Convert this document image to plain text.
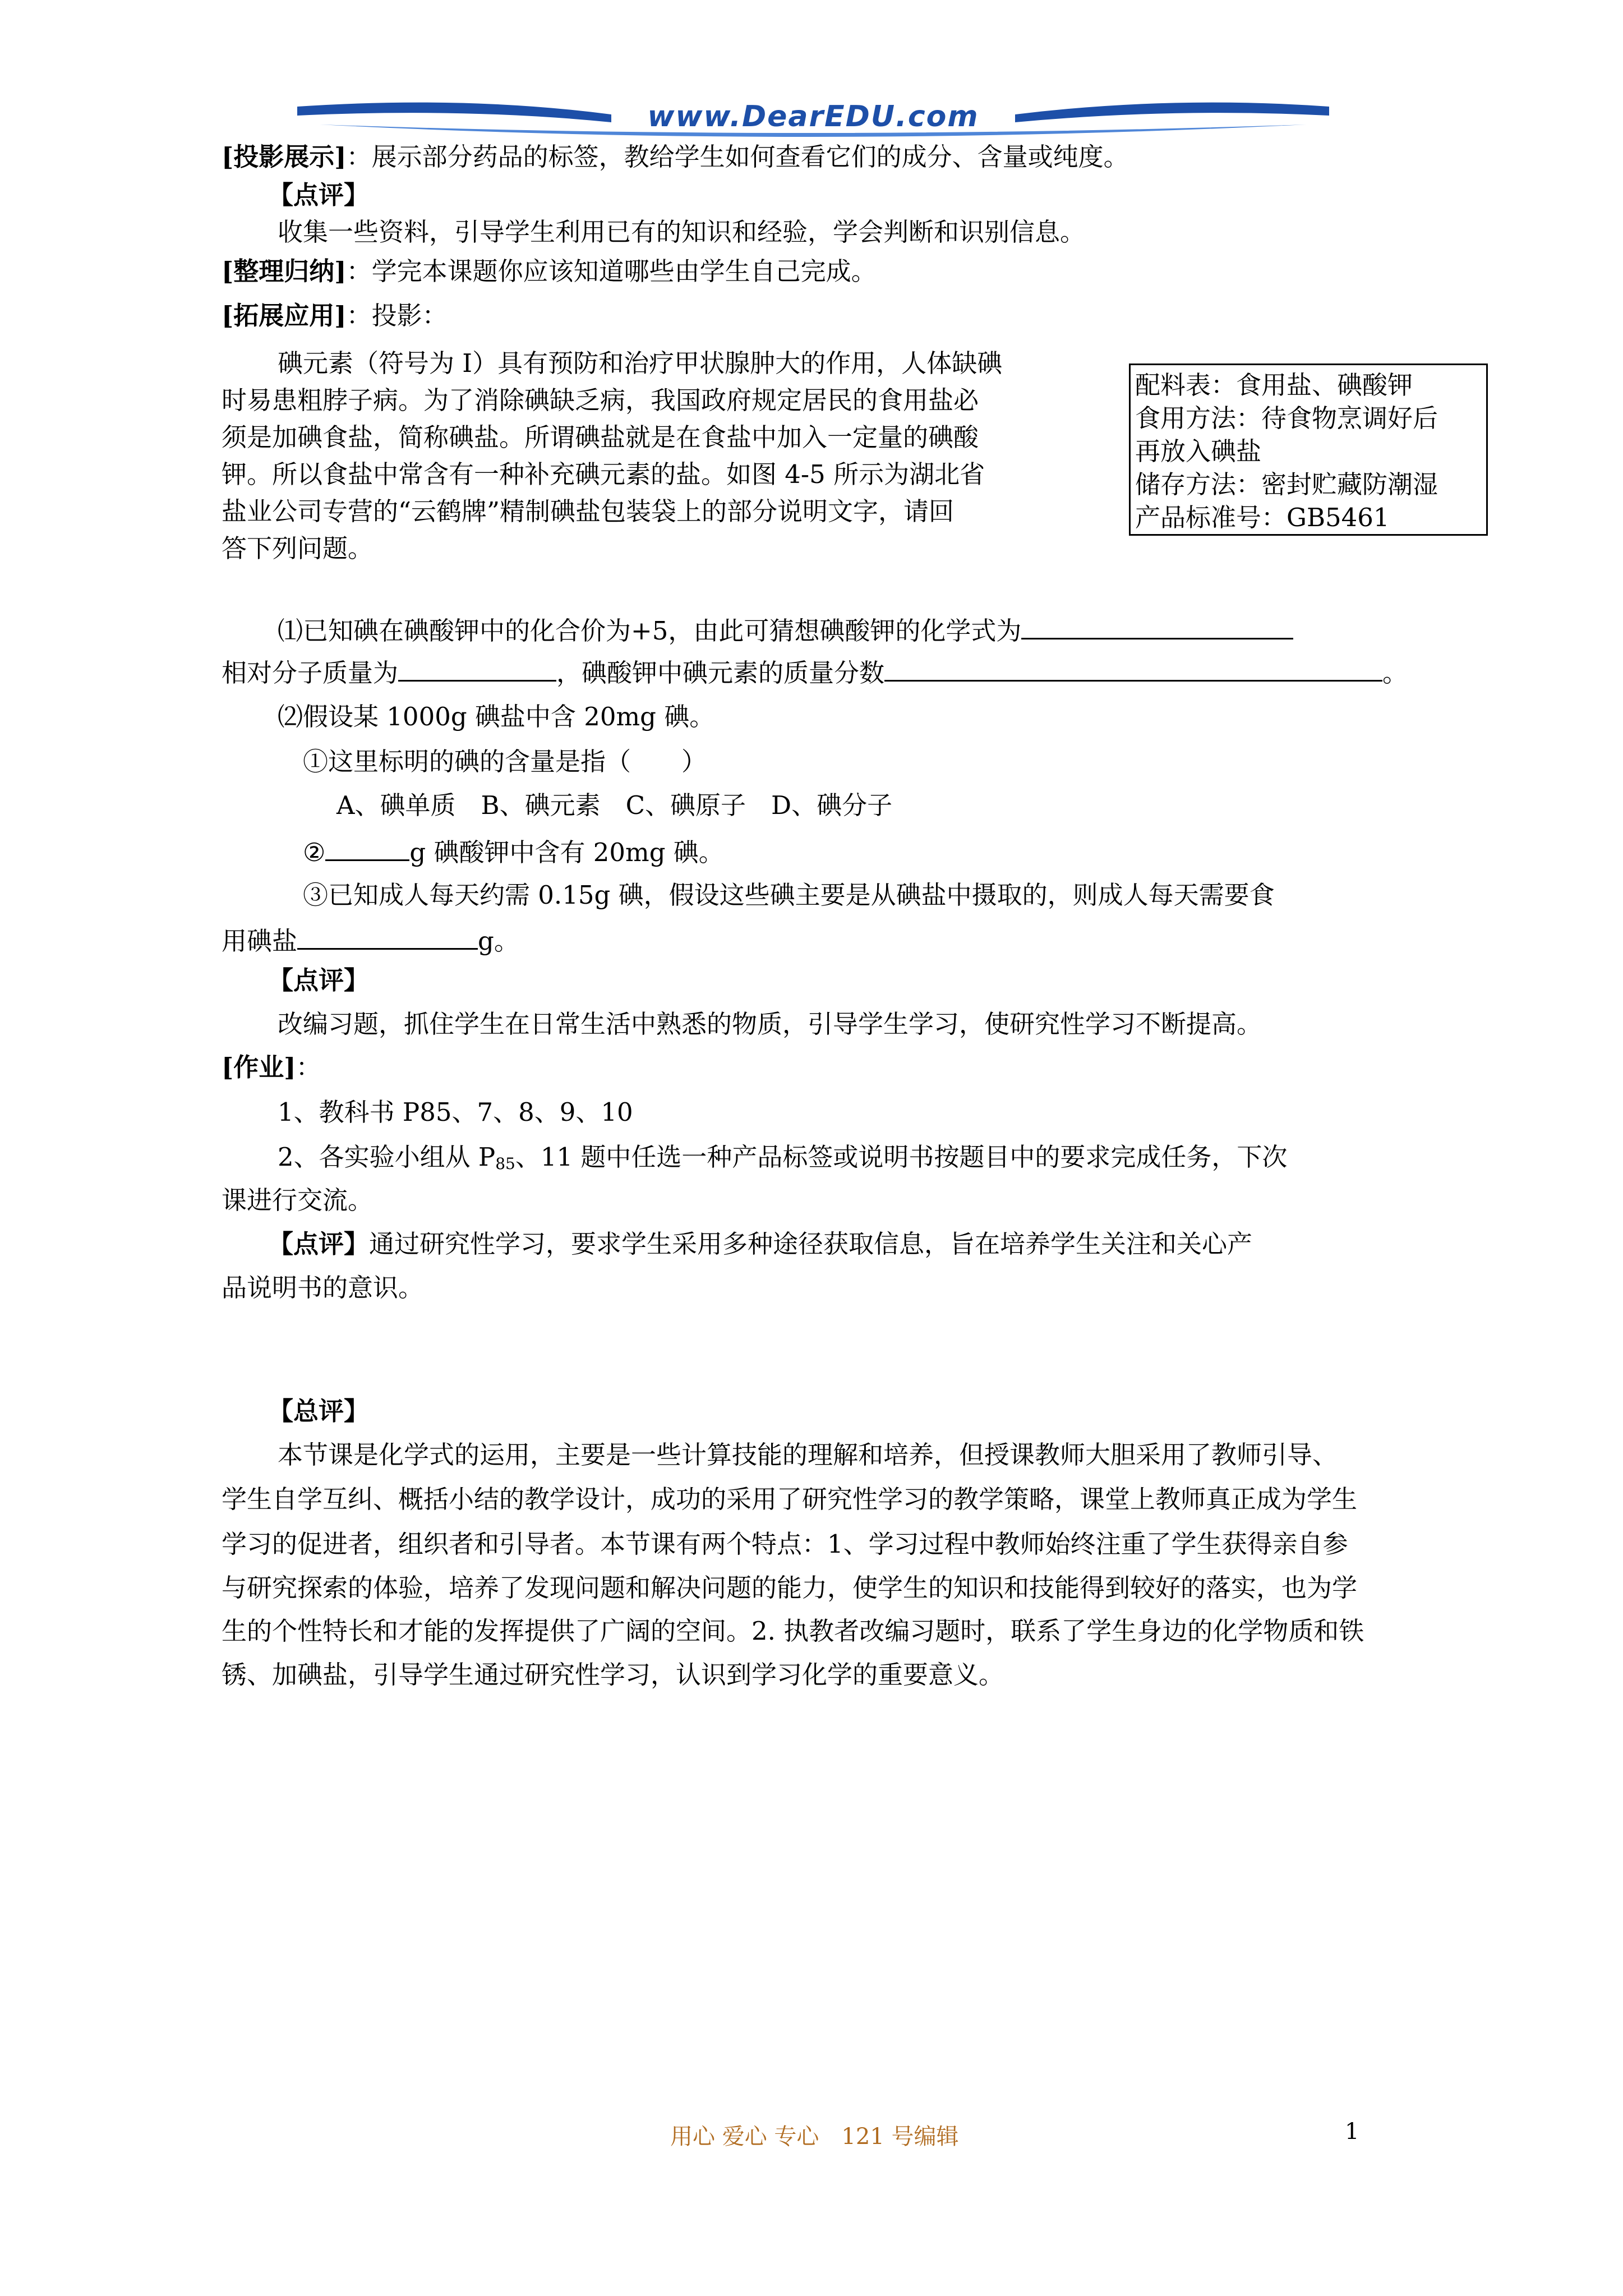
www.DearEDU.com
[投影展示]：展示部分药品的标签，教给学生如何查看它们的成分、含量或纯度。
【点评】
收集一些资料，引导学生利用已有的知识和经验，学会判断和识别信息。
[整理归纳]：学完本课题你应该知道哪些由学生自己完成。
[拓展应用]：投影：
碘元素（符号为 I）具有预防和治疗甲状腺肿大的作用，人体缺碘
时易患粗脖子病。为了消除碘缺乏病，我国政府规定居民的食用盐必
须是加碘食盐，简称碘盐。所谓碘盐就是在食盐中加入一定量的碘酸
钾。所以食盐中常含有一种补充碘元素的盐。如图 4-5 所示为湖北省
盐业公司专营的“云鹤牌”精制碘盐包装袋上的部分说明文字，请回
答下列问题。
配料表：食用盐、碘酸钾
食用方法：待食物烹调好后
再放入碘盐
储存方法：密封贮藏防潮湿
产品标准号：GB5461
⑴已知碘在碘酸钾中的化合价为+5，由此可猜想碘酸钾的化学式为
相对分子质量为	，碘酸钾中碘元素的质量分数	。
⑵假设某 1000g 碘盐中含 20mg 碘。
①这里标明的碘的含量是指（　　）
A、碘单质　B、碘元素　C、碘原子　D、碘分子
②	g 碘酸钾中含有 20mg 碘。
③已知成人每天约需 0.15g 碘，假设这些碘主要是从碘盐中摄取的，则成人每天需要食
用碘盐	g。
【点评】
改编习题，抓住学生在日常生活中熟悉的物质，引导学生学习，使研究性学习不断提高。
[作业]：
1、教科书 P85、7、8、9、10
2、各实验小组从 $P_{85}$、11 题中任选一种产品标签或说明书按题目中的要求完成任务，下次
课进行交流。
【点评】通过研究性学习，要求学生采用多种途径获取信息，旨在培养学生关注和关心产
品说明书的意识。
【总评】
本节课是化学式的运用，主要是一些计算技能的理解和培养，但授课教师大胆采用了教师引导、
学生自学互纠、概括小结的教学设计，成功的采用了研究性学习的教学策略，课堂上教师真正成为学生
学习的促进者，组织者和引导者。本节课有两个特点：1、学习过程中教师始终注重了学生获得亲自参
与研究探索的体验，培养了发现问题和解决问题的能力，使学生的知识和技能得到较好的落实，也为学
生的个性特长和才能的发挥提供了广阔的空间。2. 执教者改编习题时，联系了学生身边的化学物质和铁
锈、加碘盐，引导学生通过研究性学习，认识到学习化学的重要意义。
用心 爱心 专心　121 号编辑	1
